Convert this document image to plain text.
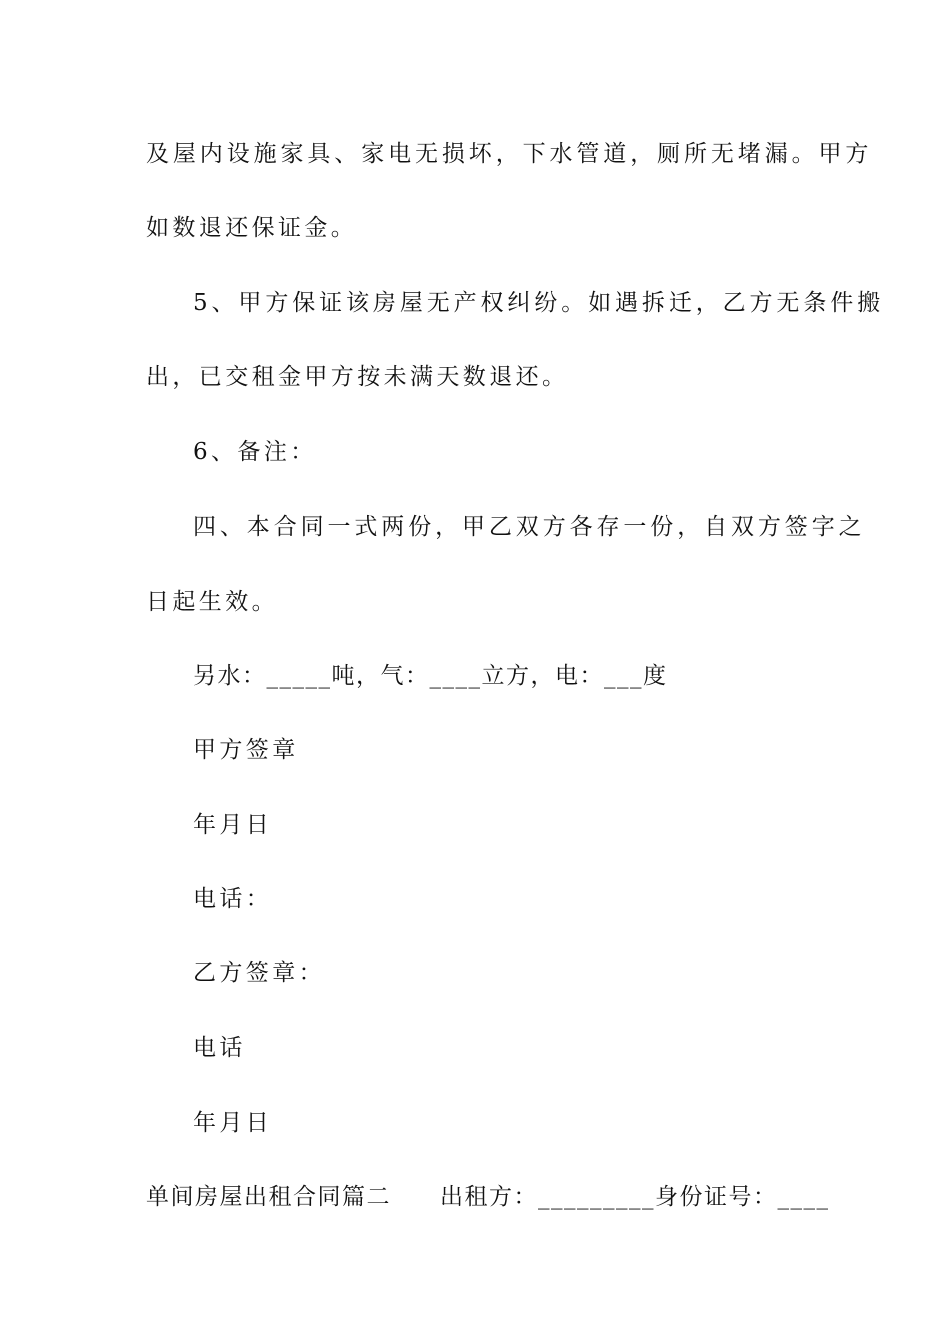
及屋内设施家具、家电无损坏，下水管道，厕所无堵漏。甲方
如数退还保证金。
5、甲方保证该房屋无产权纠纷。如遇拆迁，乙方无条件搬
出，已交租金甲方按未满天数退还。
6、备注：
四、本合同一式两份，甲乙双方各存一份，自双方签字之
日起生效。
另水：_____吨，气：____立方，电：___度
甲方签章
年月日
电话：
乙方签章：
电话
年月日
单间房屋出租合同篇二　　出租方：_________身份证号：____
